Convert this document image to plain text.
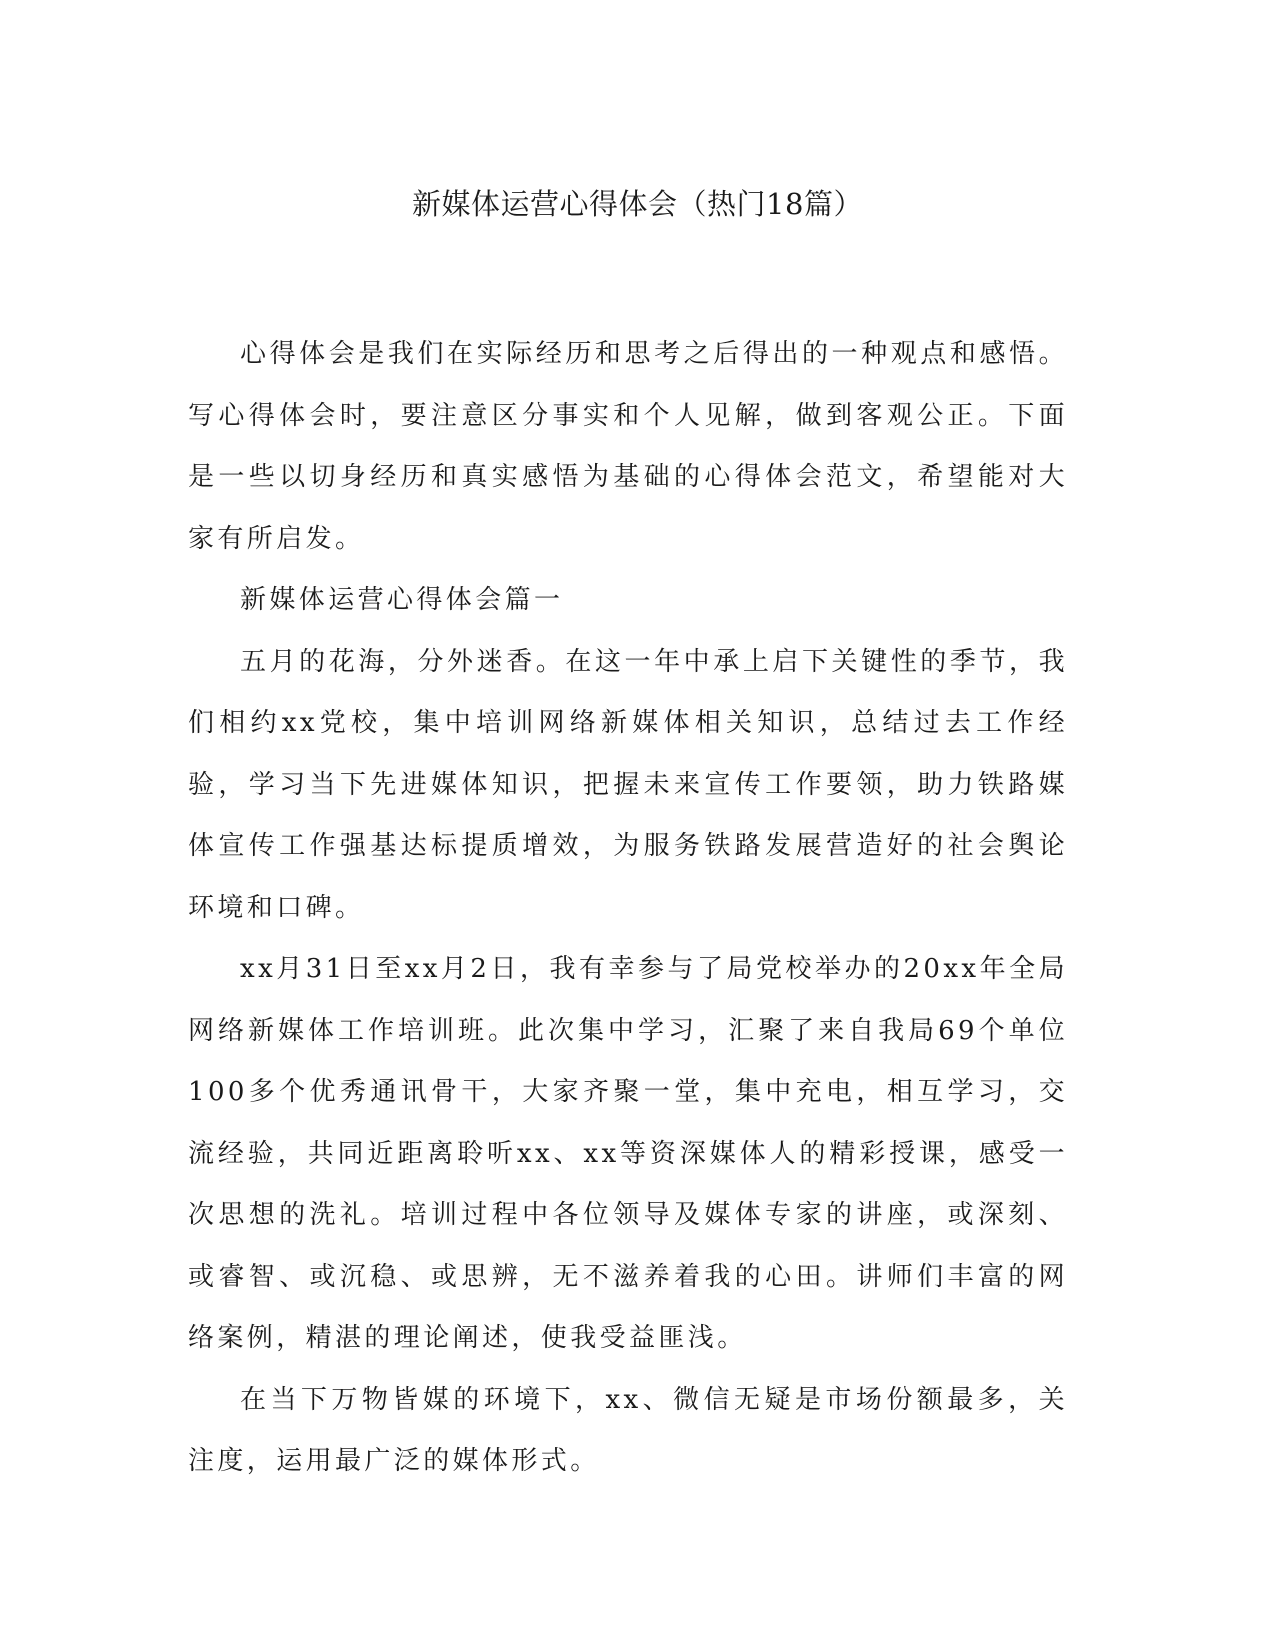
新媒体运营心得体会（热门18篇）

心得体会是我们在实际经历和思考之后得出的一种观点和感悟。写心得体会时，要注意区分事实和个人见解，做到客观公正。下面是一些以切身经历和真实感悟为基础的心得体会范文，希望能对大家有所启发。

新媒体运营心得体会篇一

五月的花海，分外迷香。在这一年中承上启下关键性的季节，我们相约xx党校，集中培训网络新媒体相关知识，总结过去工作经验，学习当下先进媒体知识，把握未来宣传工作要领，助力铁路媒体宣传工作强基达标提质增效，为服务铁路发展营造好的社会舆论环境和口碑。

xx月31日至xx月2日，我有幸参与了局党校举办的20xx年全局网络新媒体工作培训班。此次集中学习，汇聚了来自我局69个单位100多个优秀通讯骨干，大家齐聚一堂，集中充电，相互学习，交流经验，共同近距离聆听xx、xx等资深媒体人的精彩授课，感受一次思想的洗礼。培训过程中各位领导及媒体专家的讲座，或深刻、或睿智、或沉稳、或思辨，无不滋养着我的心田。讲师们丰富的网络案例，精湛的理论阐述，使我受益匪浅。

在当下万物皆媒的环境下，xx、微信无疑是市场份额最多，关注度，运用最广泛的媒体形式。
